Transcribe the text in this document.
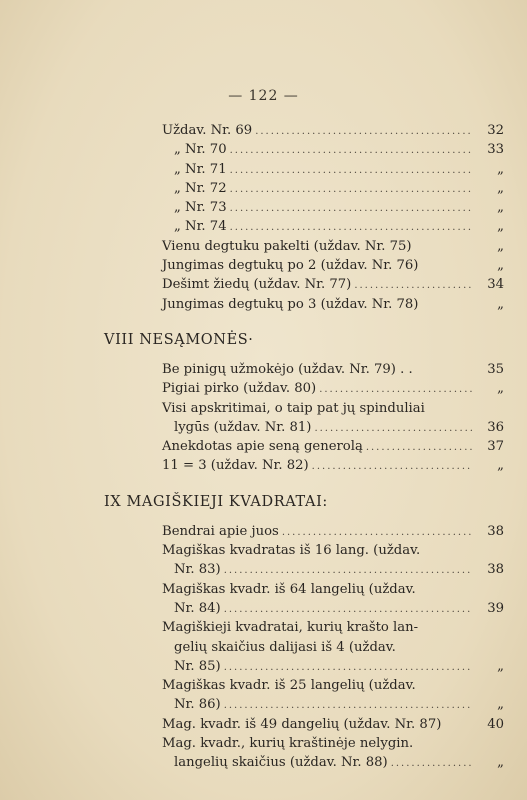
— 122 —
Uždav. Nr. 69 .....	32
„ Nr. 70 .....	33
„ Nr. 71 .....	„
„ Nr. 72 .....	„
„ Nr. 73 .....	„
„ Nr. 74 .....	„
Vienu degtuku pakelti (uždav. Nr. 75)	„
Jungimas degtukų po 2 (uždav. Nr. 76)	„
Dešimt žiedų (uždav. Nr. 77) .....	34
Jungimas degtukų po 3 (uždav. Nr. 78)	„
VIII NESĄMONĖS·
Be pinigų užmokėjo (uždav. Nr. 79) . .	35
Pigiai pirko (uždav. 80) .....	„
Visi apskritimai, o taip pat jų spinduliai
lygūs (uždav. Nr. 81) .....	36
Anekdotas apie seną generolą .....	37
11 = 3 (uždav. Nr. 82) .....	„
IX MAGIŠKIEJI KVADRATAI:
Bendrai apie juos .....	38
Magiškas kvadratas iš 16 lang. (uždav.
Nr. 83) .....	38
Magiškas kvadr. iš 64 langelių (uždav.
Nr. 84) .....	39
Magiškieji kvadratai, kurių krašto lan-
gelių skaičius dalijasi iš 4 (uždav.
Nr. 85) .....	„
Magiškas kvadr. iš 25 langelių (uždav.
Nr. 86) .....	„
Mag. kvadr. iš 49 dangelių (uždav. Nr. 87)	40
Mag. kvadr., kurių kraštinėje nelygin.
langelių skaičius (uždav. Nr. 88) .....	„
